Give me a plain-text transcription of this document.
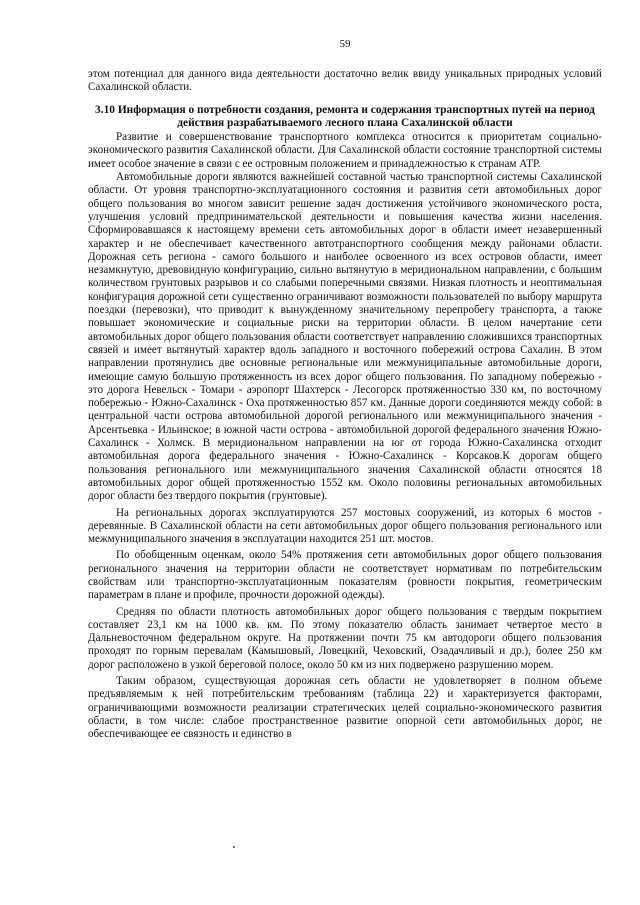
59

этом потенциал для данного вида деятельности достаточно велик ввиду уникальных природных условий Сахалинской области.

3.10 Информация о потребности создания, ремонта и содержания транспортных путей на период действия разрабатываемого лесного плана Сахалинской области

Развитие и совершенствование транспортного комплекса относится к приоритетам социально-экономического развития Сахалинской области. Для Сахалинской области состояние транспортной системы имеет особое значение в связи с ее островным положением и принадлежностью к странам АТР.

Автомобильные дороги являются важнейшей составной частью транспортной системы Сахалинской области. От уровня транспортно-эксплуатационного состояния и развития сети автомобильных дорог общего пользования во многом зависит решение задач достижения устойчивого экономического роста, улучшения условий предпринимательской деятельности и повышения качества жизни населения. Сформировавшаяся к настоящему времени сеть автомобильных дорог в области имеет незавершенный характер и не обеспечивает качественного автотранспортного сообщения между районами области. Дорожная сеть региона - самого большого и наиболее освоенного из всех островов области, имеет незамкнутую, древовидную конфигурацию, сильно вытянутую в меридиональном направлении, с большим количеством грунтовых разрывов и со слабыми поперечными связями. Низкая плотность и неоптимальная конфигурация дорожной сети существенно ограничивают возможности пользователей по выбору маршрута поездки (перевозки), что приводит к вынужденному значительному перепробегу транспорта, а также повышает экономические и социальные риски на территории области. В целом начертание сети автомобильных дорог общего пользования области соответствует направлению сложившихся транспортных связей и имеет вытянутый характер вдоль западного и восточного побережий острова Сахалин. В этом направлении протянулись две основные региональные или межмуниципальные автомобильные дороги, имеющие самую большую протяженность из всех дорог общего пользования. По западному побережью - это дорога Невельск - Томари - аэропорт Шахтерск - Лесогорск протяженностью 330 км, по восточному побережью - Южно-Сахалинск - Оха протяженностью 857 км. Данные дороги соединяются между собой: в центральной части острова автомобильной дорогой регионального или межмуниципального значения - Арсентьевка - Ильинское; в южной части острова - автомобильной дорогой федерального значения Южно-Сахалинск - Холмск. В меридиональном направлении на юг от города Южно-Сахалинска отходит автомобильная дорога федерального значения - Южно-Сахалинск - Корсаков.К дорогам общего пользования регионального или межмуниципального значения Сахалинской области относятся 18 автомобильных дорог общей протяженностью 1552 км. Около половины региональных автомобильных дорог области без твердого покрытия (грунтовые).

На региональных дорогах эксплуатируются 257 мостовых сооружений, из которых 6 мостов - деревянные. В Сахалинской области на сети автомобильных дорог общего пользования регионального или межмуниципального значения в эксплуатации находится 251 шт. мостов.

По обобщенным оценкам, около 54% протяжения сети автомобильных дорог общего пользования регионального значения на территории области не соответствует нормативам по потребительским свойствам или транспортно-эксплуатационным показателям (ровности покрытия, геометрическим параметрам в плане и профиле, прочности дорожной одежды).

Средняя по области плотность автомобильных дорог общего пользования с твердым покрытием составляет 23,1 км на 1000 кв. км. По этому показателю область занимает четвертое место в Дальневосточном федеральном округе. На протяжении почти 75 км автодороги общего пользования проходят по горным перевалам (Камышовый, Ловецкий, Чеховский, Озадачливый и др.), более 250 км дорог расположено в узкой береговой полосе, около 50 км из них подвержено разрушению морем.

Таким образом, существующая дорожная сеть области не удовлетворяет в полном объеме предъявляемым к ней потребительским требованиям (таблица 22) и характеризуется факторами, ограничивающими возможности реализации стратегических целей социально-экономического развития области, в том числе: слабое пространственное развитие опорной сети автомобильных дорог, не обеспечивающее ее связность и единство в
